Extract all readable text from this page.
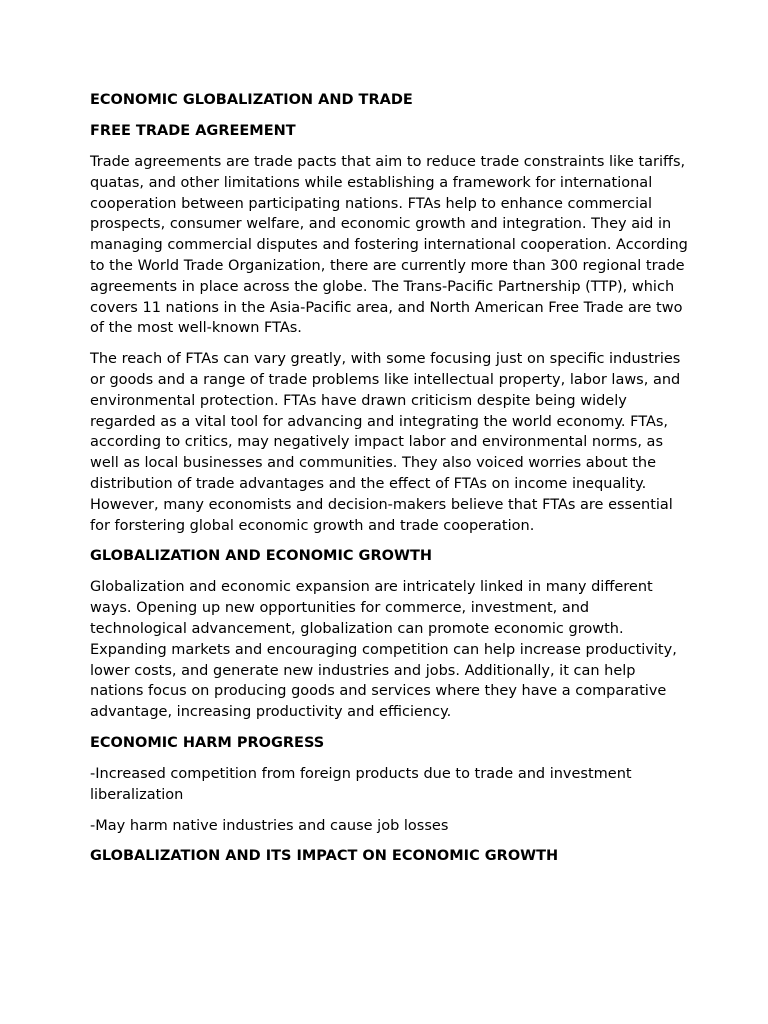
ECONOMIC GLOBALIZATION AND TRADE
FREE TRADE AGREEMENT

Trade agreements are trade pacts that aim to reduce trade constraints like tariffs, quatas, and other limitations while establishing a framework for international cooperation between participating nations. FTAs help to enhance commercial prospects, consumer welfare, and economic growth and integration. They aid in managing commercial disputes and fostering international cooperation. According to the World Trade Organization, there are currently more than 300 regional trade agreements in place across the globe. The Trans-Pacific Partnership (TTP), which covers 11 nations in the Asia-Pacific area, and North American Free Trade are two of the most well-known FTAs.

The reach of FTAs can vary greatly, with some focusing just on specific industries or goods and a range of trade problems like intellectual property, labor laws, and environmental protection. FTAs have drawn criticism despite being widely regarded as a vital tool for advancing and integrating the world economy. FTAs, according to critics, may negatively impact labor and environmental norms, as well as local businesses and communities. They also voiced worries about the distribution of trade advantages and the effect of FTAs on income inequality. However, many economists and decision-makers believe that FTAs are essential for forstering global economic growth and trade cooperation.

GLOBALIZATION AND ECONOMIC GROWTH

Globalization and economic expansion are intricately linked in many different ways. Opening up new opportunities for commerce, investment, and technological advancement, globalization can promote economic growth. Expanding markets and encouraging competition can help increase productivity, lower costs, and generate new industries and jobs. Additionally, it can help nations focus on producing goods and services where they have a comparative advantage, increasing productivity and efficiency.

ECONOMIC HARM PROGRESS

-Increased competition from foreign products due to trade and investment liberalization

-May harm native industries and cause job losses

GLOBALIZATION AND ITS IMPACT ON ECONOMIC GROWTH
